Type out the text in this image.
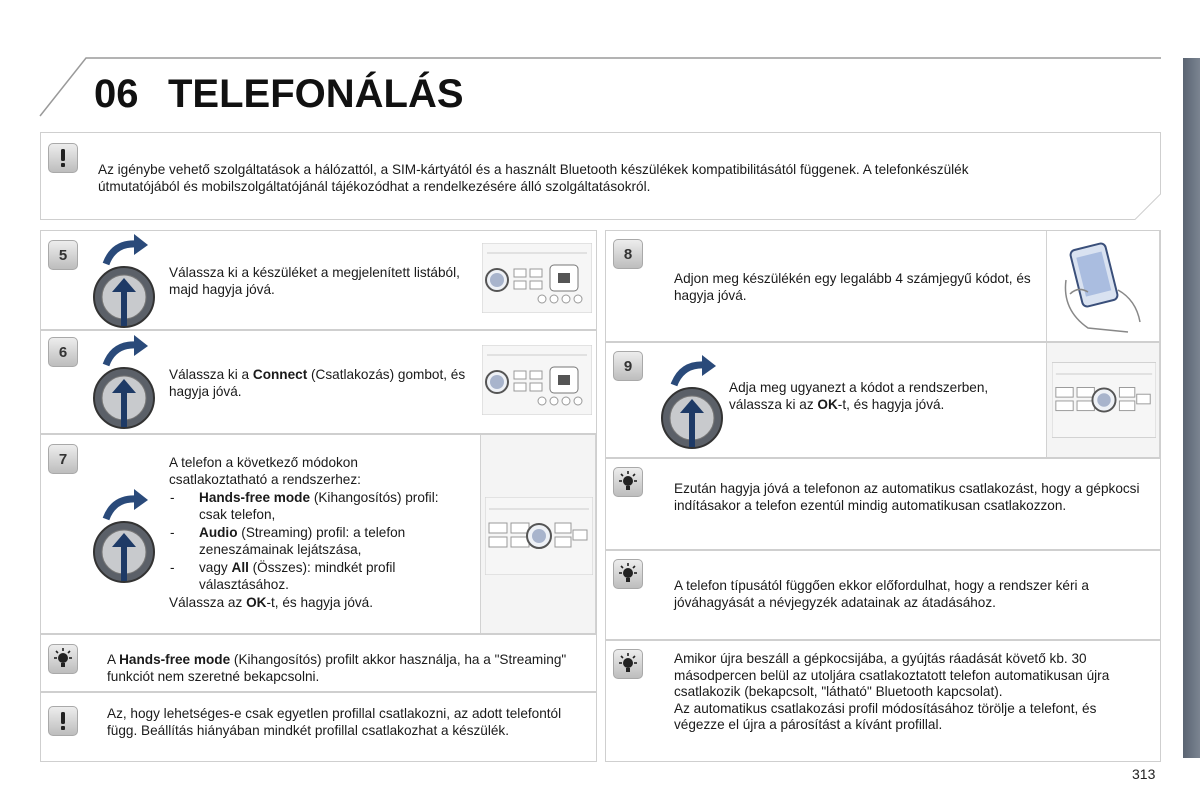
06 TELEFONÁLÁS
Az igénybe vehető szolgáltatások a hálózattól, a SIM-kártyától és a használt Bluetooth készülékek kompatibilitásától függenek. A telefonkészülék útmutatójából és mobilszolgáltatójánál tájékozódhat a rendelkezésére álló szolgáltatásokról.
5
Válassza ki a készüléket a megjelenített listából, majd hagyja jóvá.
6
Válassza ki a Connect (Csatlakozás) gombot, és hagyja jóvá.
7	A telefon a következő módokon csatlakoztatható a rendszerhez:

- Hands-free mode (Kihangosítós) profil: csak telefon,
- Audio (Streaming) profil: a telefon zeneszámainak lejátszása,
- vagy All (Összes): mindkét profil választásához.

Válassza az OK-t, és hagyja jóvá.

A Hands-free mode (Kihangosítós) profilt akkor használja, ha a "Streaming" funkciót nem szeretné bekapcsolni.
Az, hogy lehetséges-e csak egyetlen profillal csatlakozni, az adott telefontól függ. Beállítás hiányában mindkét profillal csatlakozhat a készülék.
8
Adjon meg készülékén egy legalább 4 számjegyű kódot, és hagyja jóvá.
9
Adja meg ugyanezt a kódot a rendszerben, válassza ki az OK-t, és hagyja jóvá.
Ezután hagyja jóvá a telefonon az automatikus csatlakozást, hogy a gépkocsi indításakor a telefon ezentúl mindig automatikusan csatlakozzon.
A telefon típusától függően ekkor előfordulhat, hogy a rendszer kéri a jóváhagyását a névjegyzék adatainak az átadásához.

Amikor újra beszáll a gépkocsijába, a gyújtás ráadását követő kb. 30 másodpercen belül az utoljára csatlakoztatott telefon automatikusan újra csatlakozik (bekapcsolt, "látható" Bluetooth kapcsolat).

Az automatikus csatlakozási profil módosításához törölje a telefont, és végezze el újra a párosítást a kívánt profillal.

313
